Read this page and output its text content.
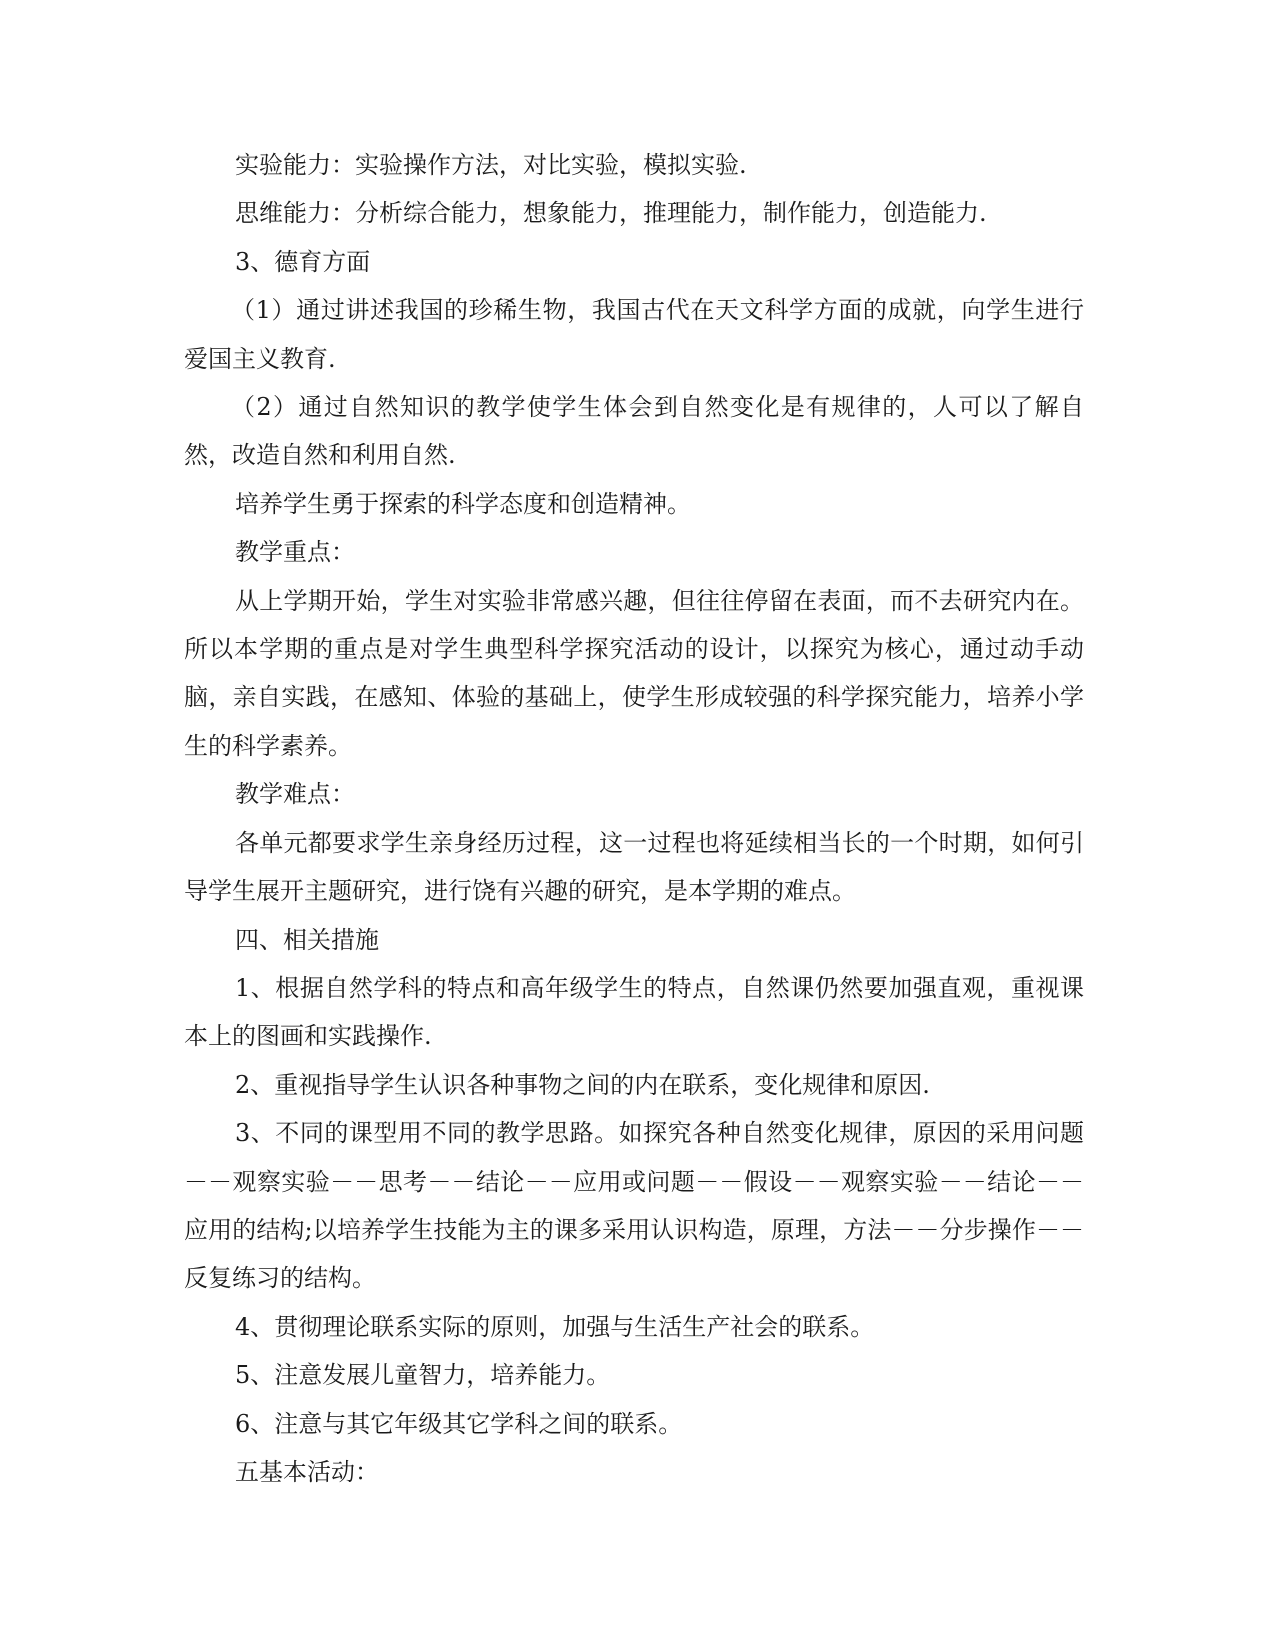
实验能力：实验操作方法，对比实验，模拟实验.

思维能力：分析综合能力，想象能力，推理能力，制作能力，创造能力.

3、德育方面

（1）通过讲述我国的珍稀生物，我国古代在天文科学方面的成就，向学生进行爱国主义教育.

（2）通过自然知识的教学使学生体会到自然变化是有规律的，人可以了解自然，改造自然和利用自然.

培养学生勇于探索的科学态度和创造精神。

教学重点：

从上学期开始，学生对实验非常感兴趣，但往往停留在表面，而不去研究内在。所以本学期的重点是对学生典型科学探究活动的设计，以探究为核心，通过动手动脑，亲自实践，在感知、体验的基础上，使学生形成较强的科学探究能力，培养小学生的科学素养。

教学难点：

各单元都要求学生亲身经历过程，这一过程也将延续相当长的一个时期，如何引导学生展开主题研究，进行饶有兴趣的研究，是本学期的难点。

四、相关措施

1、根据自然学科的特点和高年级学生的特点，自然课仍然要加强直观，重视课本上的图画和实践操作.

2、重视指导学生认识各种事物之间的内在联系，变化规律和原因.

3、不同的课型用不同的教学思路。如探究各种自然变化规律，原因的采用问题－－观察实验－－思考－－结论－－应用或问题－－假设－－观察实验－－结论－－应用的结构;以培养学生技能为主的课多采用认识构造，原理，方法－－分步操作－－反复练习的结构。

4、贯彻理论联系实际的原则，加强与生活生产社会的联系。

5、注意发展儿童智力，培养能力。

6、注意与其它年级其它学科之间的联系。

五基本活动：
